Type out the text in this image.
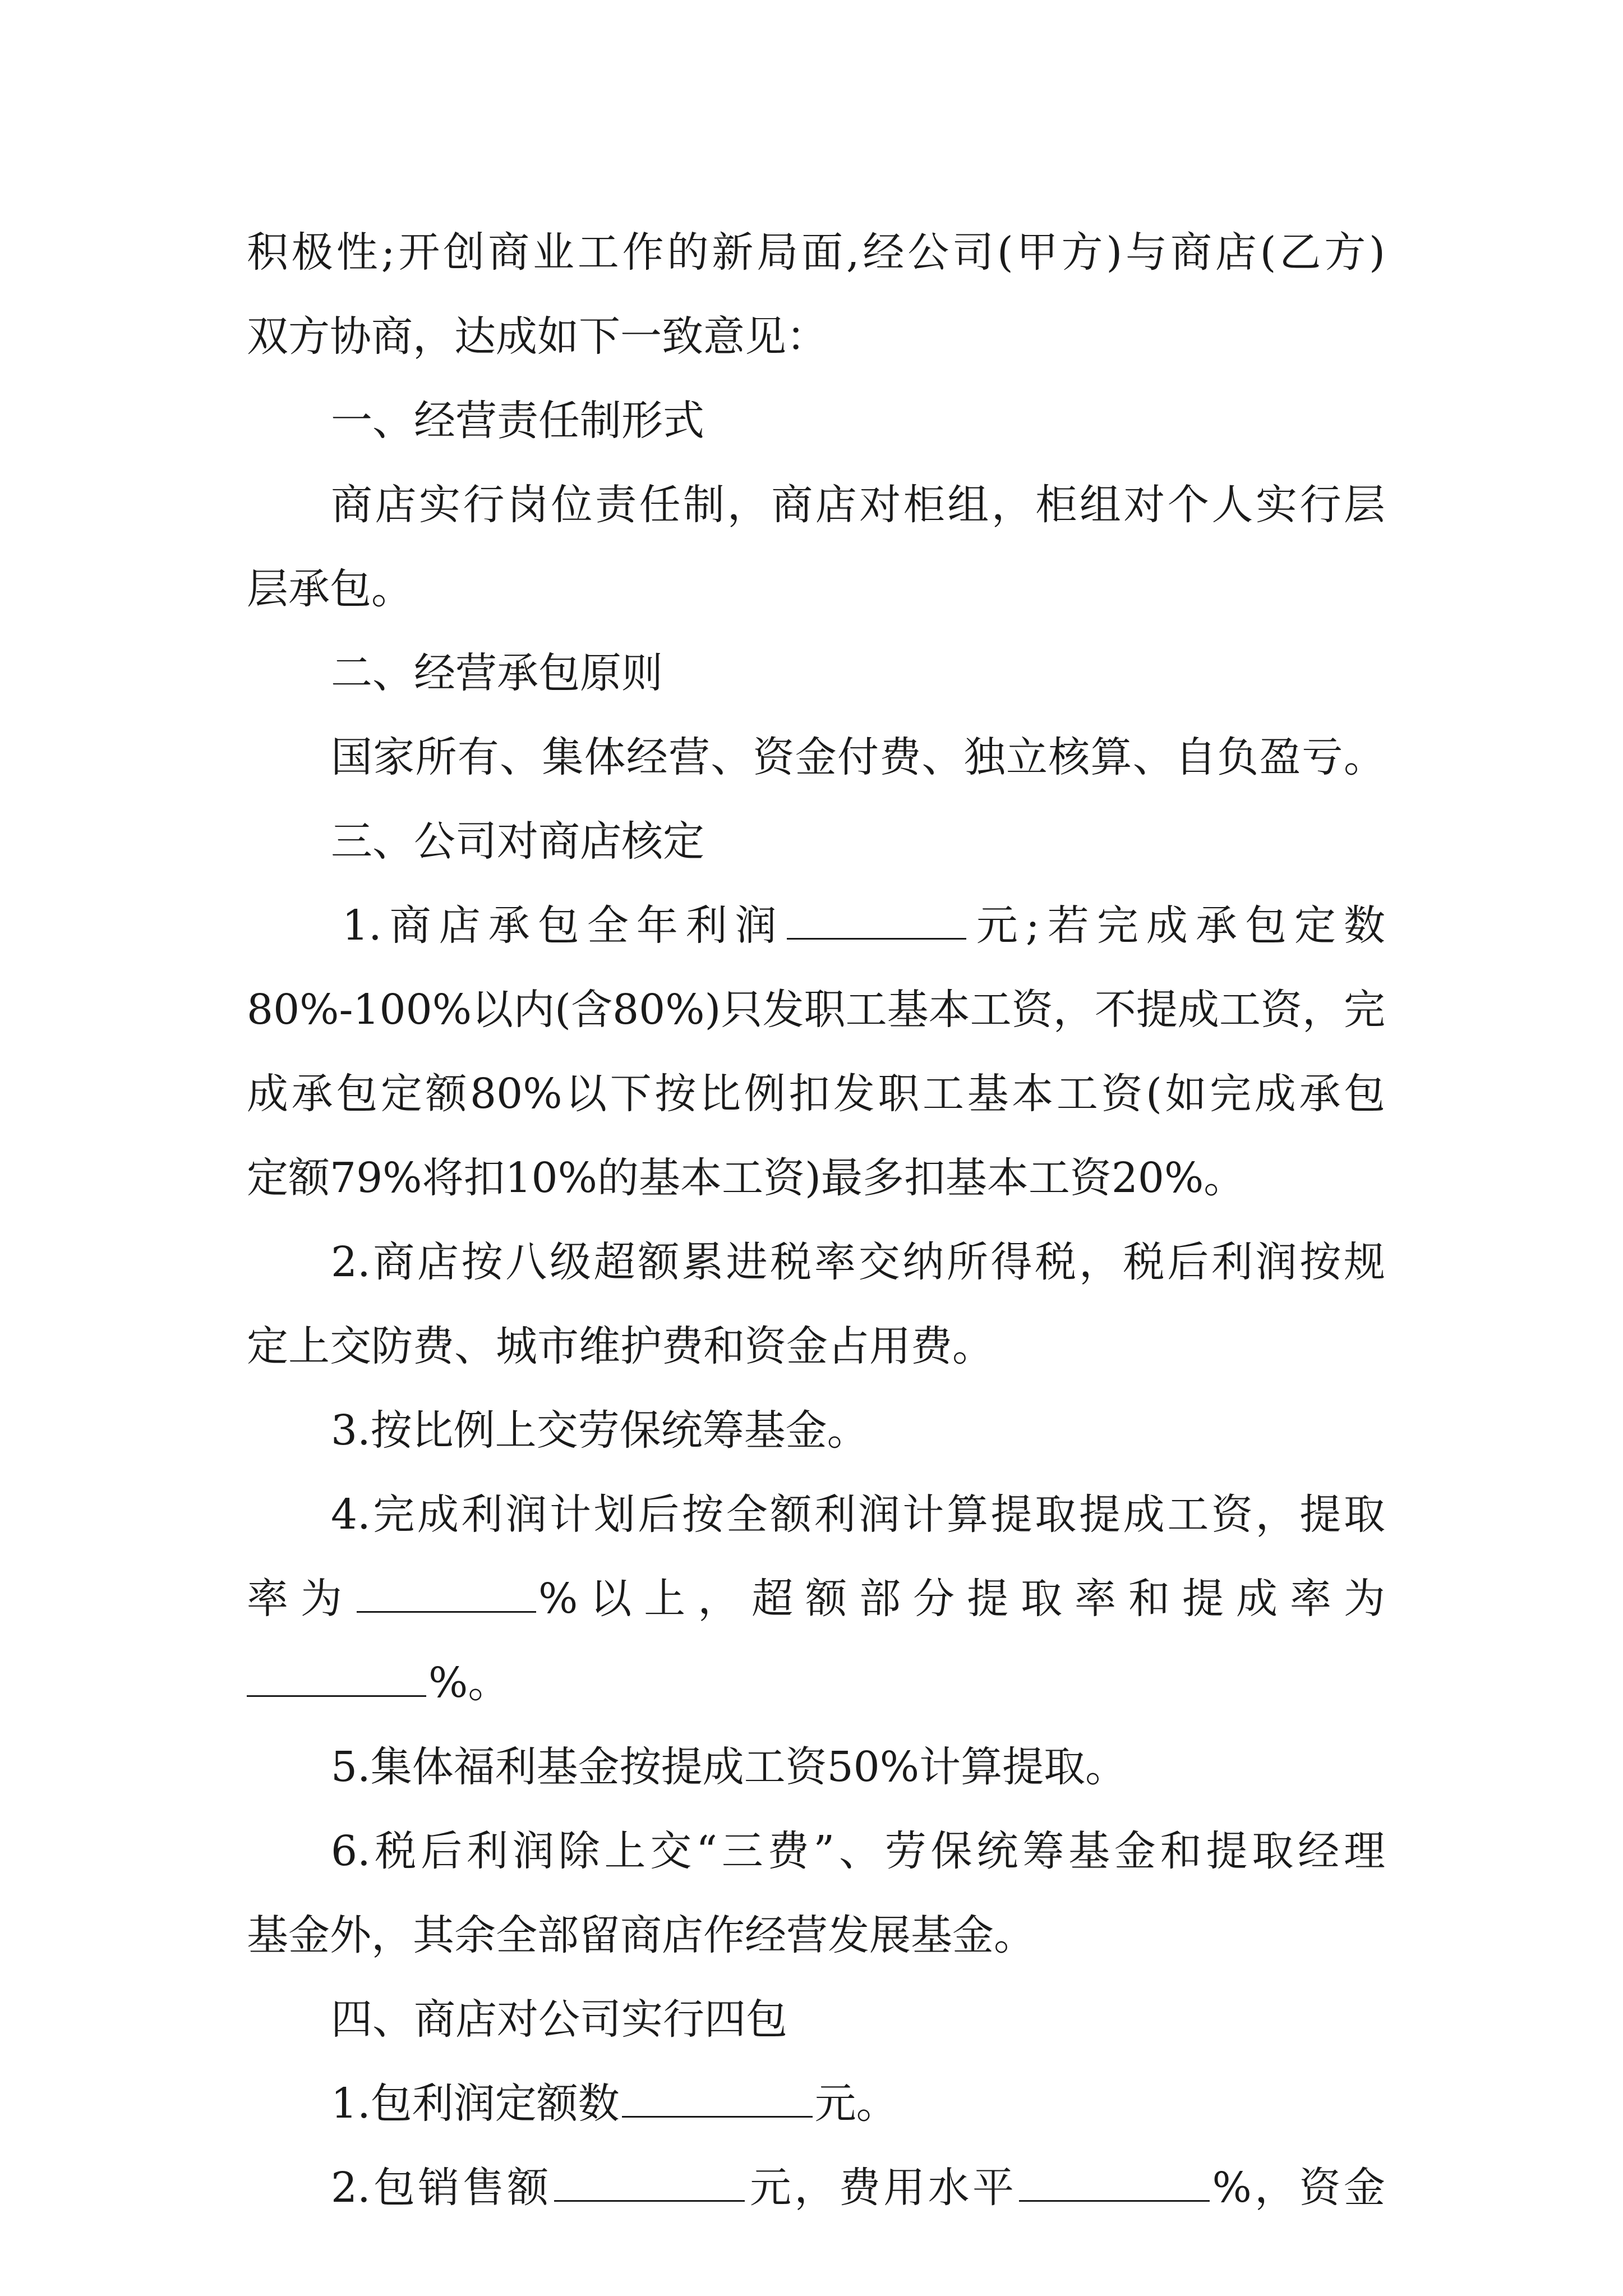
积极性;开创商业工作的新局面,经公司(甲方)与商店(乙方)
双方协商，达成如下一致意见：
一、经营责任制形式
商店实行岗位责任制，商店对柜组，柜组对个人实行层
层承包。
二、经营承包原则
国家所有、集体经营、资金付费、独立核算、自负盈亏。
三、公司对商店核定
1.商店承包全年利润	元;若完成承包定数
80%-100%以内(含80%)只发职工基本工资，不提成工资，完
成承包定额80%以下按比例扣发职工基本工资(如完成承包
定额79%将扣10%的基本工资)最多扣基本工资20%。
2.商店按八级超额累进税率交纳所得税，税后利润按规
定上交防费、城市维护费和资金占用费。
3.按比例上交劳保统筹基金。
4.完成利润计划后按全额利润计算提取提成工资，提取
率为	%以上，超额部分提取率和提成率为
%。
5.集体福利基金按提成工资50%计算提取。
6.税后利润除上交“三费”、劳保统筹基金和提取经理
基金外，其余全部留商店作经营发展基金。
四、商店对公司实行四包
1.包利润定额数	元。
2.包销售额	元，费用水平	%，资金
